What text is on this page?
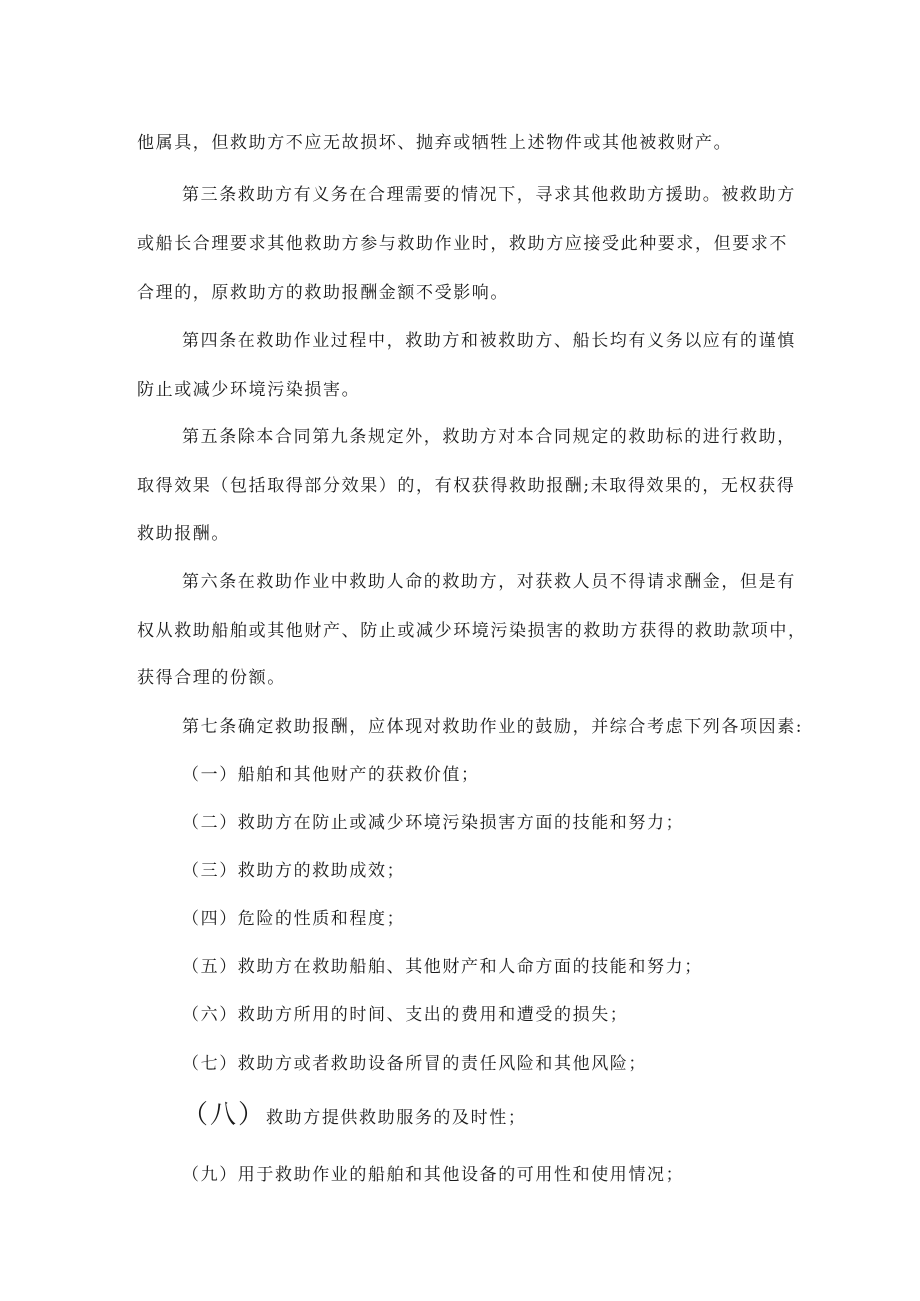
他属具，但救助方不应无故损坏、抛弃或牺牲上述物件或其他被救财产。
第三条救助方有义务在合理需要的情况下，寻求其他救助方援助。被救助方
或船长合理要求其他救助方参与救助作业时，救助方应接受此种要求，但要求不
合理的，原救助方的救助报酬金额不受影响。
第四条在救助作业过程中，救助方和被救助方、船长均有义务以应有的谨慎
防止或减少环境污染损害。
第五条除本合同第九条规定外，救助方对本合同规定的救助标的进行救助，
取得效果（包括取得部分效果）的，有权获得救助报酬;未取得效果的，无权获得
救助报酬。
第六条在救助作业中救助人命的救助方，对获救人员不得请求酬金，但是有
权从救助船舶或其他财产、防止或减少环境污染损害的救助方获得的救助款项中，
获得合理的份额。
第七条确定救助报酬，应体现对救助作业的鼓励，并综合考虑下列各项因素:
（一）船舶和其他财产的获救价值；
（二）救助方在防止或减少环境污染损害方面的技能和努力；
（三）救助方的救助成效；
（四）危险的性质和程度；
（五）救助方在救助船舶、其他财产和人命方面的技能和努力；
（六）救助方所用的时间、支出的费用和遭受的损失；
（七）救助方或者救助设备所冒的责任风险和其他风险；
（八）救助方提供救助服务的及时性；
（九）用于救助作业的船舶和其他设备的可用性和使用情况；
